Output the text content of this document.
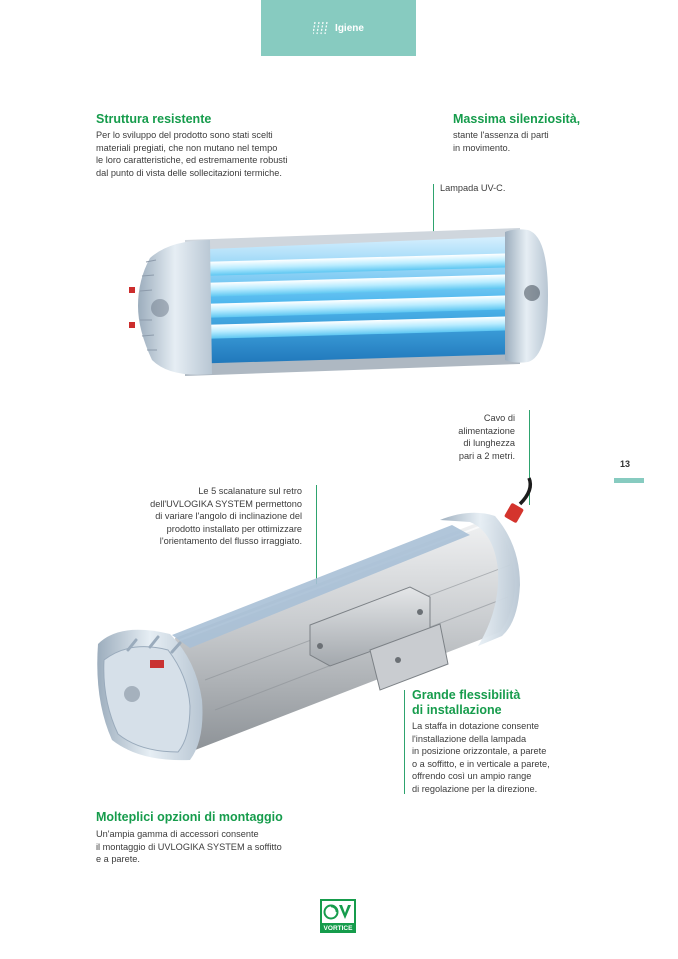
Igiene
Struttura resistente
Per lo sviluppo del prodotto sono stati scelti
materiali pregiati, che non mutano nel tempo
le loro caratteristiche, ed estremamente robusti
dal punto di vista delle sollecitazioni termiche.
Massima silenziosità,
stante l'assenza di parti
in movimento.
Lampada UV-C.
Cavo di
alimentazione
di lunghezza
pari a 2 metri.
Le 5 scalanature sul retro
dell'UVLOGIKA SYSTEM permettono
di variare l'angolo di inclinazione del
prodotto installato per ottimizzare
l'orientamento del flusso irraggiato.
13
Grande flessibilità
di installazione
La staffa in dotazione consente
l'installazione della lampada
in posizione orizzontale, a parete
o a soffitto, e in verticale a parete,
offrendo così un ampio range
di regolazione per la direzione.
Molteplici opzioni di montaggio
Un'ampia gamma di accessori consente
il montaggio di UVLOGIKA SYSTEM a soffitto
e a parete.
VORTICE
